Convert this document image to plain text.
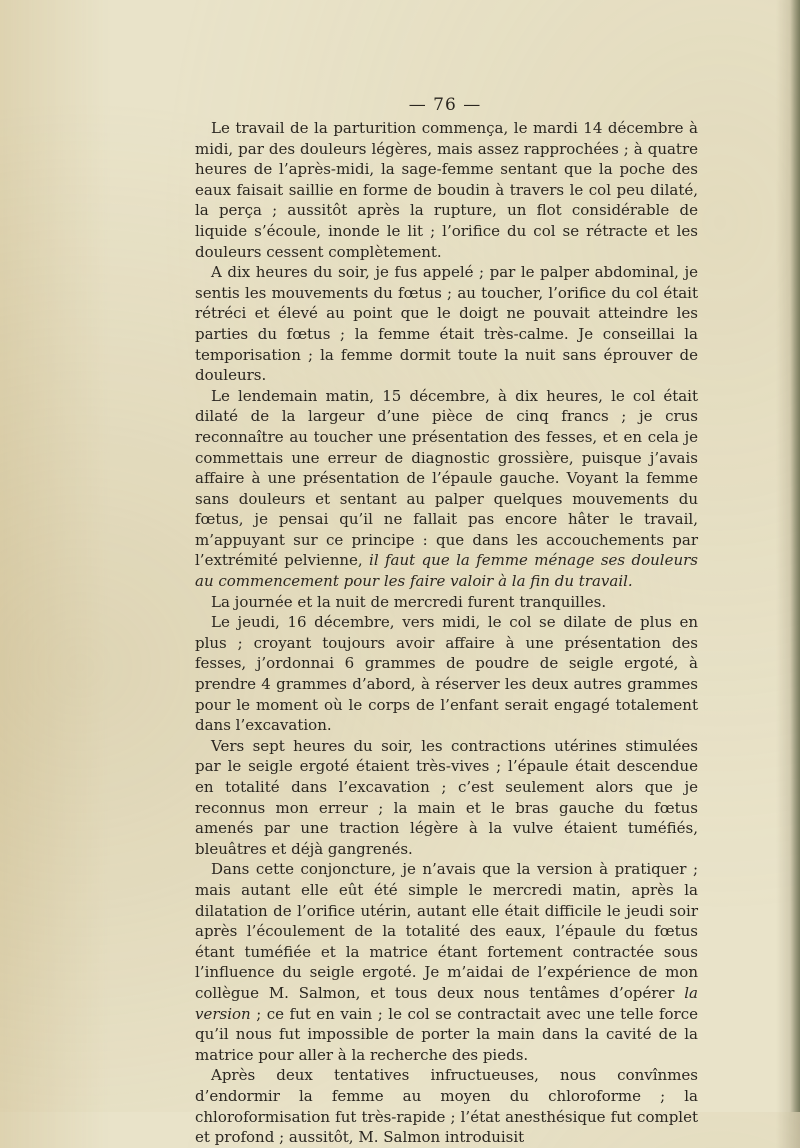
— 76 —

Le travail de la parturition commença, le mardi 14 décembre à midi, par des douleurs légères, mais assez rapprochées ; à quatre heures de l’après-midi, la sage-femme sentant que la poche des eaux faisait saillie en forme de boudin à travers le col peu dilaté, la perça ; aussitôt après la rupture, un flot considérable de liquide s’écoule, inonde le lit ; l’orifice du col se rétracte et les douleurs cessent complètement.

A dix heures du soir, je fus appelé ; par le palper abdominal, je sentis les mouvements du fœtus ; au toucher, l’orifice du col était rétréci et élevé au point que le doigt ne pouvait atteindre les parties du fœtus ; la femme était très-calme. Je conseillai la temporisation ; la femme dormit toute la nuit sans éprouver de douleurs.

Le lendemain matin, 15 décembre, à dix heures, le col était dilaté de la largeur d’une pièce de cinq francs ; je crus reconnaître au toucher une présentation des fesses, et en cela je commettais une erreur de diagnostic grossière, puisque j’avais affaire à une présentation de l’épaule gauche. Voyant la femme sans douleurs et sentant au palper quelques mouvements du fœtus, je pensai qu’il ne fallait pas encore hâter le travail, m’appuyant sur ce principe : que dans les accouchements par l’extrémité pelvienne, il faut que la femme ménage ses douleurs au commencement pour les faire valoir à la fin du travail.

La journée et la nuit de mercredi furent tranquilles.

Le jeudi, 16 décembre, vers midi, le col se dilate de plus en plus ; croyant toujours avoir affaire à une présentation des fesses, j’ordonnai 6 grammes de poudre de seigle ergoté, à prendre 4 grammes d’abord, à réserver les deux autres grammes pour le moment où le corps de l’enfant serait engagé totalement dans l’excavation.

Vers sept heures du soir, les contractions utérines stimulées par le seigle ergoté étaient très-vives ; l’épaule était descendue en totalité dans l’excavation ; c’est seulement alors que je reconnus mon erreur ; la main et le bras gauche du fœtus amenés par une traction légère à la vulve étaient tuméfiés, bleuâtres et déjà gangrenés.

Dans cette conjoncture, je n’avais que la version à pratiquer ; mais autant elle eût été simple le mercredi matin, après la dilatation de l’orifice utérin, autant elle était difficile le jeudi soir après l’écoulement de la totalité des eaux, l’épaule du fœtus étant tuméfiée et la matrice étant fortement contractée sous l’influence du seigle ergoté. Je m’aidai de l’expérience de mon collègue M. Salmon, et tous deux nous tentâmes d’opérer la version ; ce fut en vain ; le col se contractait avec une telle force qu’il nous fut impossible de porter la main dans la cavité de la matrice pour aller à la recherche des pieds.

Après deux tentatives infructueuses, nous convînmes d’endormir la femme au moyen du chloroforme ; la chloroformisation fut très-rapide ; l’état anesthésique fut complet et profond ; aussitôt, M. Salmon introduisit
